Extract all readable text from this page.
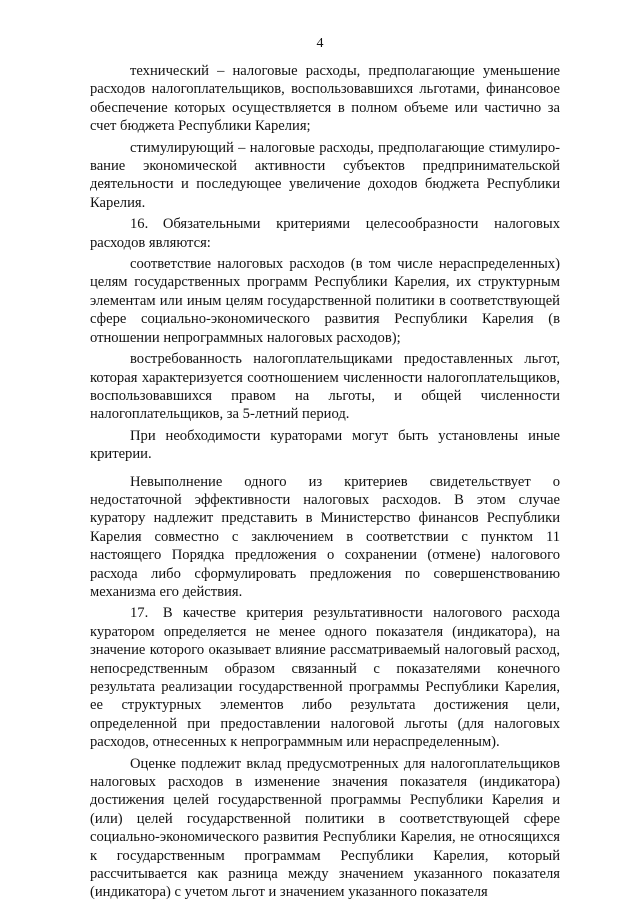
4

технический – налоговые расходы, предполагающие уменьшение расходов налогоплательщиков, воспользовавшихся льготами, финансовое обеспечение которых осуществляется в полном объеме или частично за счет бюджета Республики Карелия;

стимулирующий – налоговые расходы, предполагающие стимулирование экономической активности субъектов предпринимательской деятельности и последующее увеличение доходов бюджета Республики Карелия.

16. Обязательными критериями целесообразности налоговых расходов являются:

соответствие налоговых расходов (в том числе нераспределенных) целям государственных программ Республики Карелия, их структурным элементам или иным целям государственной политики в соответствующей сфере социально-экономического развития Республики Карелия (в отношении непрограммных налоговых расходов);

востребованность налогоплательщиками предоставленных льгот, которая характеризуется соотношением численности налогоплательщиков, воспользовавшихся правом на льготы, и общей численности налогоплательщиков, за 5-летний период.

При необходимости кураторами могут быть установлены иные критерии.

Невыполнение одного из критериев свидетельствует о недостаточной эффективности налоговых расходов. В этом случае куратору надлежит представить в Министерство финансов Республики Карелия совместно с заключением в соответствии с пунктом 11 настоящего Порядка предложения о сохранении (отмене) налогового расхода либо сформулировать предложения по совершенствованию механизма его действия.

17. В качестве критерия результативности налогового расхода куратором определяется не менее одного показателя (индикатора), на значение которого оказывает влияние рассматриваемый налоговый расход, непосредственным образом связанный с показателями конечного результата реализации государственной программы Республики Карелия, ее структурных элементов либо результата достижения цели, определенной при предоставлении налоговой льготы (для налоговых расходов, отнесенных к непрограммным или нераспределенным).

Оценке подлежит вклад предусмотренных для налогоплательщиков налоговых расходов в изменение значения показателя (индикатора) достижения целей государственной программы Республики Карелия и (или) целей государственной политики в соответствующей сфере социально-экономического развития Республики Карелия, не относящихся к государственным программам Республики Карелия, который рассчитывается как разница между значением указанного показателя (индикатора) с учетом льгот и значением указанного показателя
